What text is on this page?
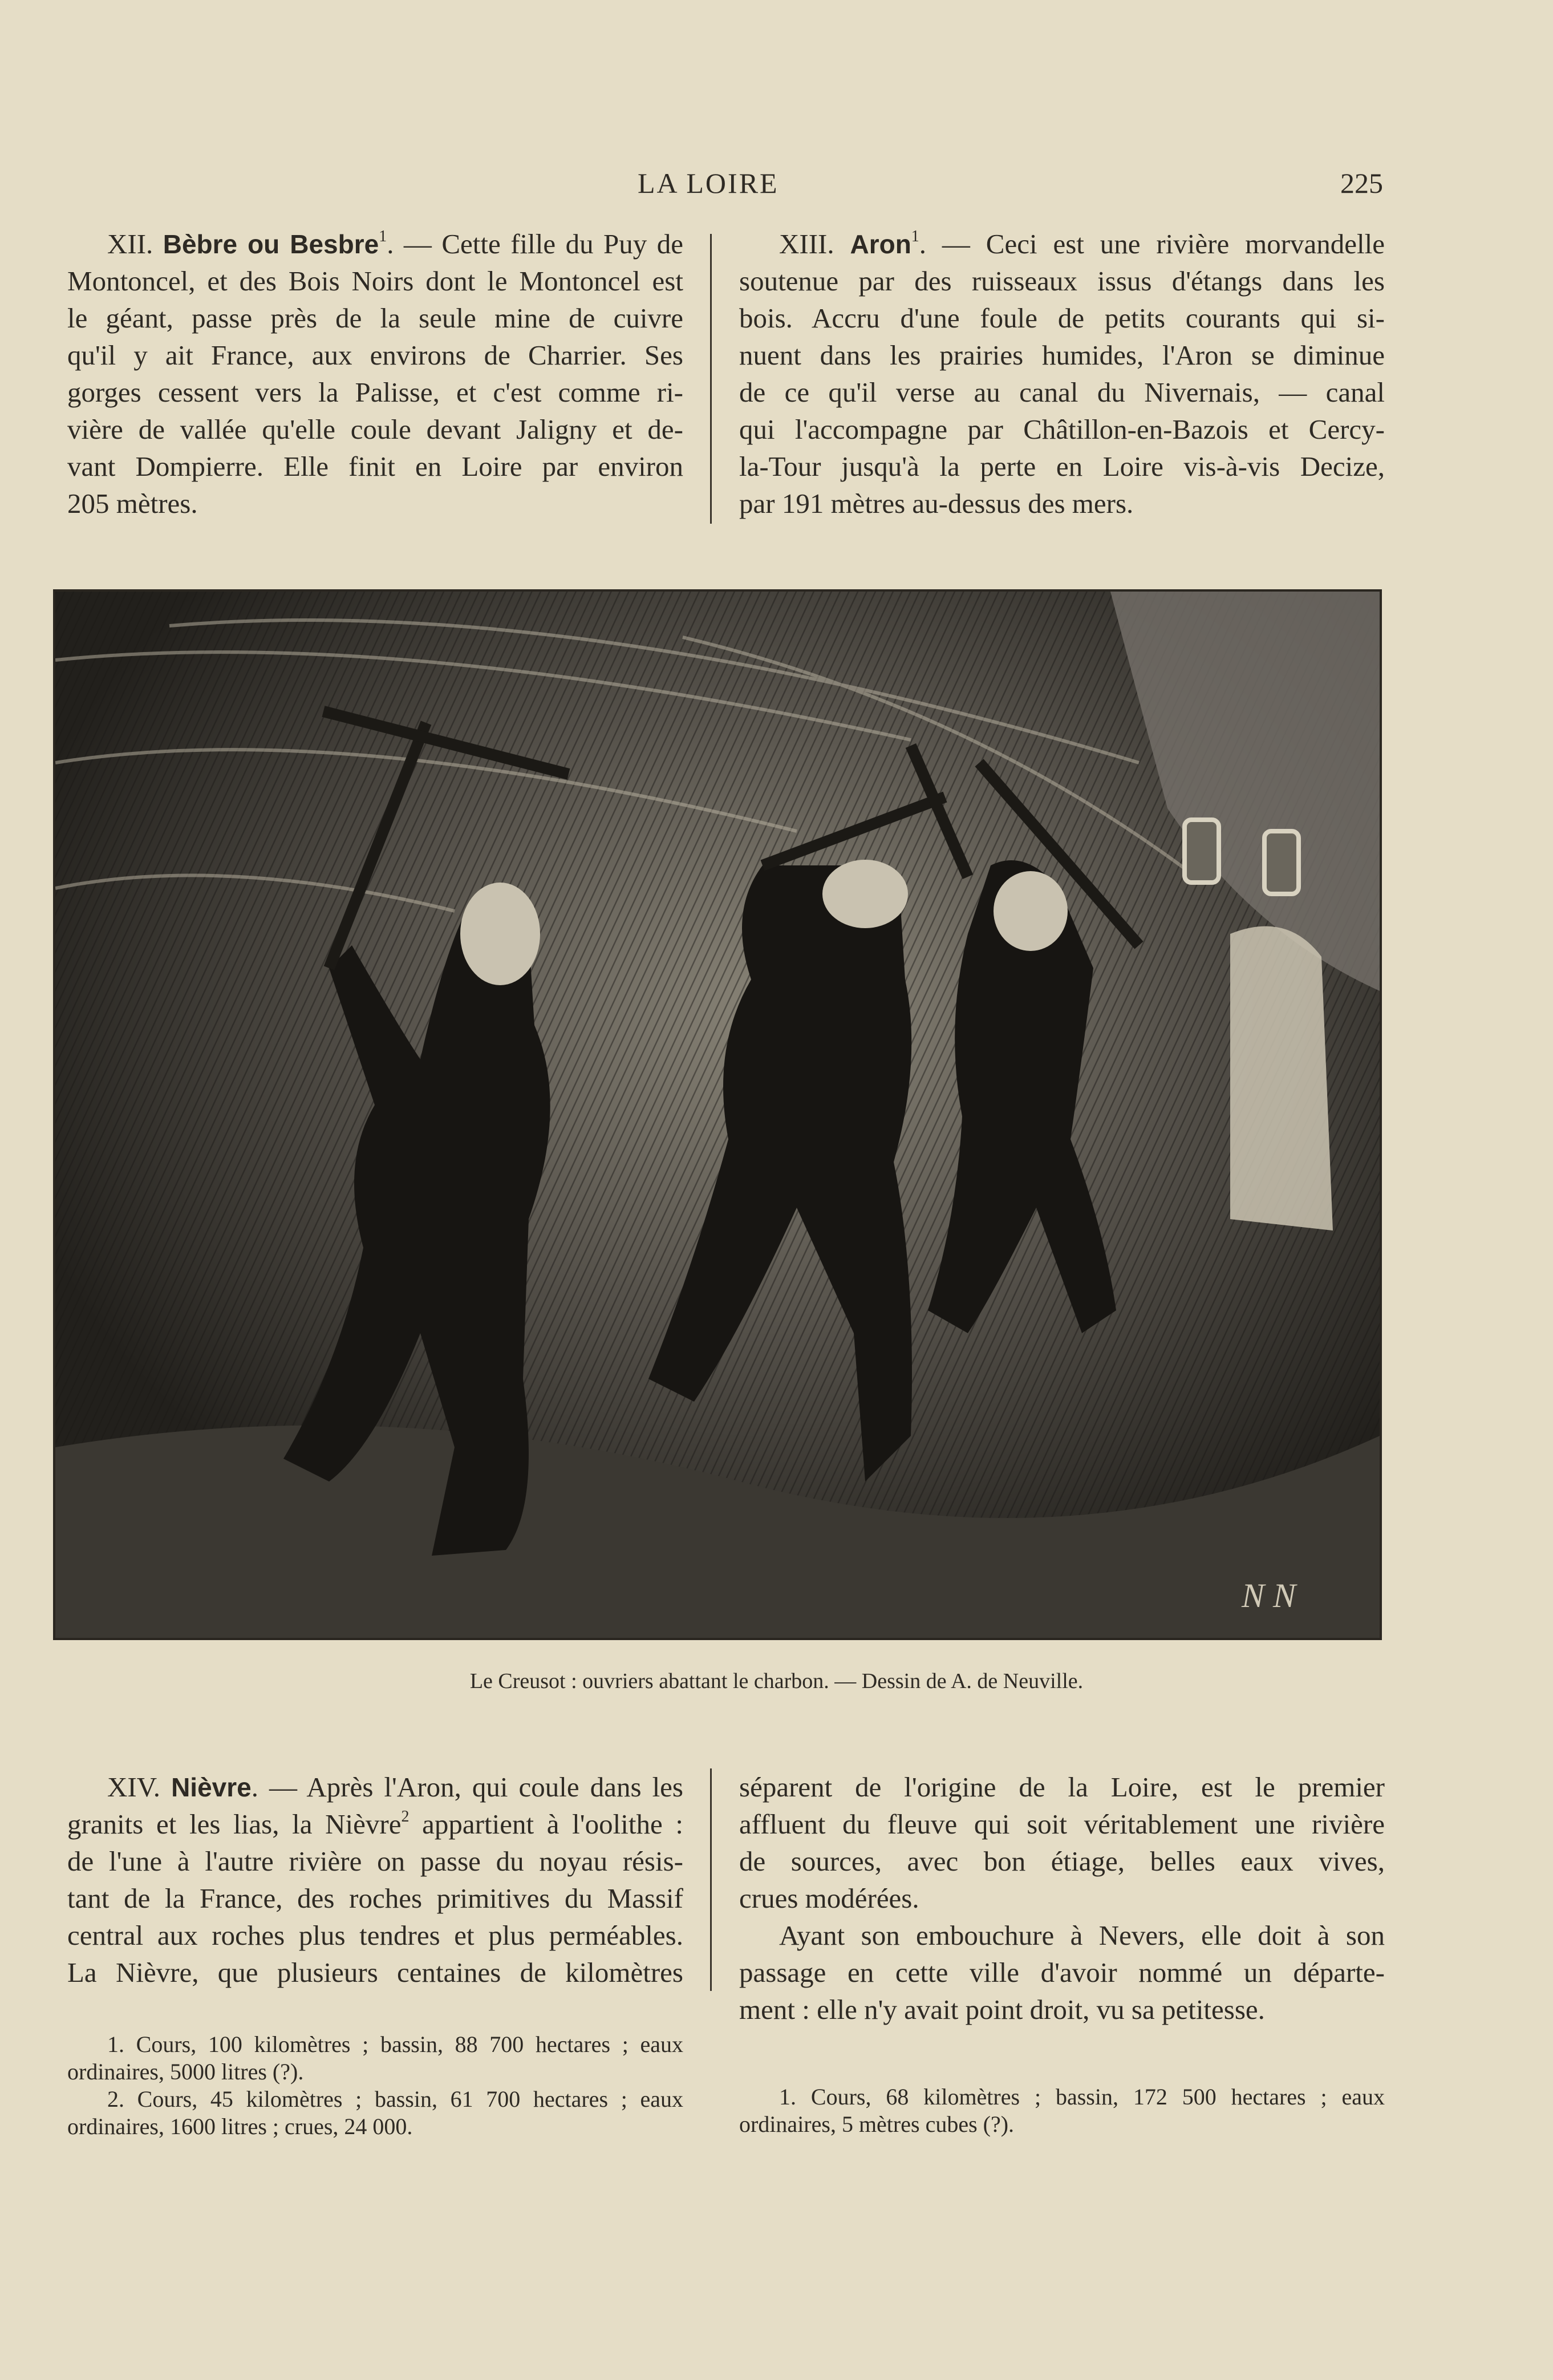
LA LOIRE	225
XII. Bèbre ou Besbre$^1$. — Cette fille du Puy de
Montoncel, et des Bois Noirs dont le Montoncel est
le géant, passe près de la seule mine de cuivre
qu'il y ait France, aux environs de Charrier. Ses
gorges cessent vers la Palisse, et c'est comme ri-
vière de vallée qu'elle coule devant Jaligny et de-
vant Dompierre. Elle finit en Loire par environ
205 mètres.
XIII. Aron$^1$. — Ceci est une rivière morvandelle
soutenue par des ruisseaux issus d'étangs dans les
bois. Accru d'une foule de petits courants qui si-
nuent dans les prairies humides, l'Aron se diminue
de ce qu'il verse au canal du Nivernais, — canal
qui l'accompagne par Châtillon-en-Bazois et Cercy-
la-Tour jusqu'à la perte en Loire vis-à-vis Decize,
par 191 mètres au-dessus des mers.
N N
Le Creusot : ouvriers abattant le charbon. — Dessin de A. de Neuville.
XIV. Nièvre. — Après l'Aron, qui coule dans les
granits et les lias, la Nièvre$^2$ appartient à l'oolithe :
de l'une à l'autre rivière on passe du noyau résis-
tant de la France, des roches primitives du Massif
central aux roches plus tendres et plus perméables.
La Nièvre, que plusieurs centaines de kilomètres
1. Cours, 100 kilomètres ; bassin, 88 700 hectares ; eaux
ordinaires, 5000 litres (?).
2. Cours, 45 kilomètres ; bassin, 61 700 hectares ; eaux
ordinaires, 1600 litres ; crues, 24 000.
séparent de l'origine de la Loire, est le premier
affluent du fleuve qui soit véritablement une rivière
de sources, avec bon étiage, belles eaux vives,
crues modérées.
Ayant son embouchure à Nevers, elle doit à son
passage en cette ville d'avoir nommé un départe-
ment : elle n'y avait point droit, vu sa petitesse.
1. Cours, 68 kilomètres ; bassin, 172 500 hectares ; eaux
ordinaires, 5 mètres cubes (?).
